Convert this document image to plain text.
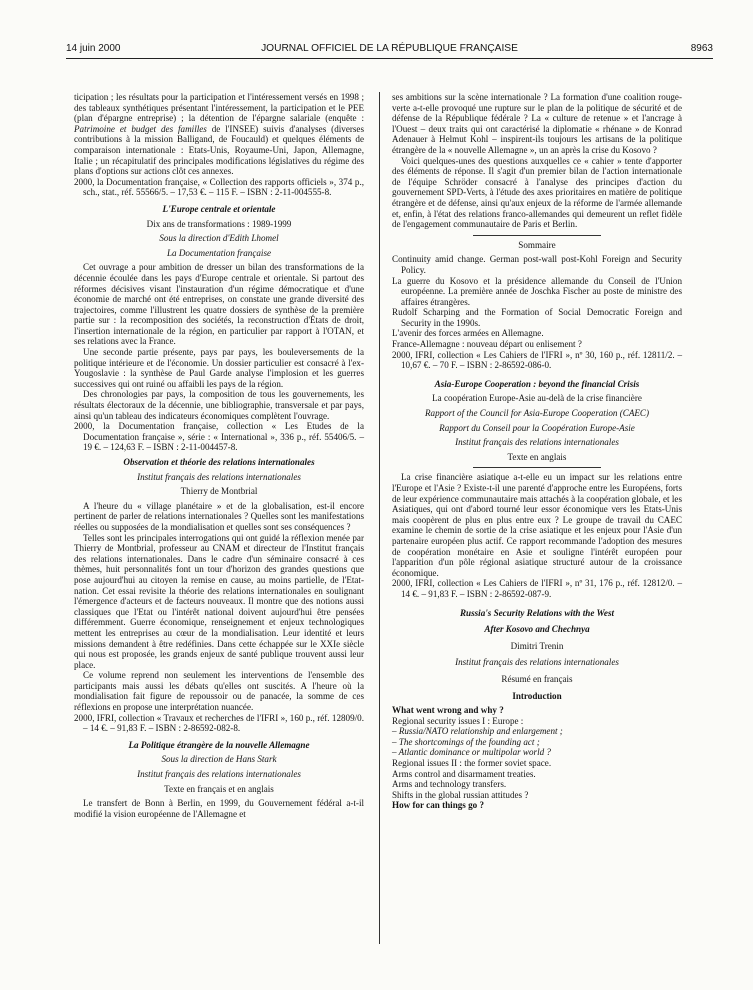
14 juin 2000	JOURNAL OFFICIEL DE LA RÉPUBLIQUE FRANÇAISE	8963

ticipation ; les résultats pour la participation et l'intéressement versés en 1998 ; des tableaux synthétiques présentant l'intéressement, la participation et le PEE (plan d'épargne entreprise) ; la détention de l'épargne salariale (enquête : Patrimoine et budget des familles de l'INSEE) suivis d'analyses (diverses contributions à la mission Balligand, de Foucauld) et quelques éléments de comparaison internationale : Etats-Unis, Royaume-Uni, Japon, Allemagne, Italie ; un récapitulatif des principales modifications législatives du régime des plans d'options sur actions clôt ces annexes.

2000, la Documentation française, « Collection des rapports officiels », 374 p., sch., stat., réf. 55566/5. – 17,53 €. – 115 F. – ISBN : 2-11-004555-8.

L'Europe centrale et orientale

Dix ans de transformations : 1989-1999

Sous la direction d'Edith Lhomel

La Documentation française

Cet ouvrage a pour ambition de dresser un bilan des transformations de la décennie écoulée dans les pays d'Europe centrale et orientale. Si partout des réformes décisives visant l'instauration d'un régime démocratique et d'une économie de marché ont été entreprises, on constate une grande diversité des trajectoires, comme l'illustrent les quatre dossiers de synthèse de la première partie sur : la recomposition des sociétés, la reconstruction d'États de droit, l'insertion internationale de la région, en particulier par rapport à l'OTAN, et ses relations avec la France.

Une seconde partie présente, pays par pays, les bouleversements de la politique intérieure et de l'économie. Un dossier particulier est consacré à l'ex-Yougoslavie : la synthèse de Paul Garde analyse l'implosion et les guerres successives qui ont ruiné ou affaibli les pays de la région.

Des chronologies par pays, la composition de tous les gouvernements, les résultats électoraux de la décennie, une bibliographie, transversale et par pays, ainsi qu'un tableau des indicateurs économiques complètent l'ouvrage.

2000, la Documentation française, collection « Les Etudes de la Documentation française », série : « International », 336 p., réf. 55406/5. – 19 €. – 124,63 F. – ISBN : 2-11-004457-8.

Observation et théorie des relations internationales

Institut français des relations internationales

Thierry de Montbrial

A l'heure du « village planétaire » et de la globalisation, est-il encore pertinent de parler de relations internationales ? Quelles sont les manifestations réelles ou supposées de la mondialisation et quelles sont ses conséquences ?

Telles sont les principales interrogations qui ont guidé la réflexion menée par Thierry de Montbrial, professeur au CNAM et directeur de l'Institut français des relations internationales. Dans le cadre d'un séminaire consacré à ces thèmes, huit personnalités font un tour d'horizon des grandes questions que pose aujourd'hui au citoyen la remise en cause, au moins partielle, de l'Etat-nation. Cet essai revisite la théorie des relations internationales en soulignant l'émergence d'acteurs et de facteurs nouveaux. Il montre que des notions aussi classiques que l'Etat ou l'intérêt national doivent aujourd'hui être pensées différemment. Guerre économique, renseignement et enjeux technologiques mettent les entreprises au cœur de la mondialisation. Leur identité et leurs missions demandent à être redéfinies. Dans cette échappée sur le XXIe siècle qui nous est proposée, les grands enjeux de santé publique trouvent aussi leur place.

Ce volume reprend non seulement les interventions de l'ensemble des participants mais aussi les débats qu'elles ont suscités. A l'heure où la mondialisation fait figure de repoussoir ou de panacée, la somme de ces réflexions en propose une interprétation nuancée.

2000, IFRI, collection « Travaux et recherches de l'IFRI », 160 p., réf. 12809/0. – 14 €. – 91,83 F. – ISBN : 2-86592-082-8.

La Politique étrangère de la nouvelle Allemagne

Sous la direction de Hans Stark

Institut français des relations internationales

Texte en français et en anglais

Le transfert de Bonn à Berlin, en 1999, du Gouvernement fédéral a-t-il modifié la vision européenne de l'Allemagne et

ses ambitions sur la scène internationale ? La formation d'une coalition rouge-verte a-t-elle provoqué une rupture sur le plan de la politique de sécurité et de défense de la République fédérale ? La « culture de retenue » et l'ancrage à l'Ouest – deux traits qui ont caractérisé la diplomatie « rhénane » de Konrad Adenauer à Helmut Kohl – inspirent-ils toujours les artisans de la politique étrangère de la « nouvelle Allemagne », un an après la crise du Kosovo ?

Voici quelques-unes des questions auxquelles ce « cahier » tente d'apporter des éléments de réponse. Il s'agit d'un premier bilan de l'action internationale de l'équipe Schröder consacré à l'analyse des principes d'action du gouvernement SPD-Verts, à l'étude des axes prioritaires en matière de politique étrangère et de défense, ainsi qu'aux enjeux de la réforme de l'armée allemande et, enfin, à l'état des relations franco-allemandes qui demeurent un reflet fidèle de l'engagement communautaire de Paris et Berlin.

Sommaire

Continuity amid change. German post-wall post-Kohl Foreign and Security Policy.

La guerre du Kosovo et la présidence allemande du Conseil de l'Union européenne. La première année de Joschka Fischer au poste de ministre des affaires étrangères.

Rudolf Scharping and the Formation of Social Democratic Foreign and Security in the 1990s.

L'avenir des forces armées en Allemagne.

France-Allemagne : nouveau départ ou enlisement ?

2000, IFRI, collection « Les Cahiers de l'IFRI », nº 30, 160 p., réf. 12811/2. – 10,67 €. – 70 F. – ISBN : 2-86592-086-0.

Asia-Europe Cooperation : beyond the financial Crisis

La coopération Europe-Asie au-delà de la crise financière

Rapport of the Council for Asia-Europe Cooperation (CAEC)

Rapport du Conseil pour la Coopération Europe-Asie

Institut français des relations internationales

Texte en anglais

La crise financière asiatique a-t-elle eu un impact sur les relations entre l'Europe et l'Asie ? Existe-t-il une parenté d'approche entre les Européens, forts de leur expérience communautaire mais attachés à la coopération globale, et les Asiatiques, qui ont d'abord tourné leur essor économique vers les Etats-Unis mais coopèrent de plus en plus entre eux ? Le groupe de travail du CAEC examine le chemin de sortie de la crise asiatique et les enjeux pour l'Asie d'un partenaire européen plus actif. Ce rapport recommande l'adoption des mesures de coopération monétaire en Asie et souligne l'intérêt européen pour l'apparition d'un pôle régional asiatique structuré autour de la croissance économique.

2000, IFRI, collection « Les Cahiers de l'IFRI », nº 31, 176 p., réf. 12812/0. – 14 €. – 91,83 F. – ISBN : 2-86592-087-9.

Russia's Security Relations with the West

After Kosovo and Chechnya

Dimitri Trenin

Institut français des relations internationales

Résumé en français

Introduction

What went wrong and why ?

Regional security issues I : Europe :

– Russia/NATO relationship and enlargement ;

– The shortcomings of the founding act ;

– Atlantic dominance or multipolar world ?

Regional issues II : the former soviet space.

Arms control and disarmament treaties.

Arms and technology transfers.

Shifts in the global russian attitudes ?

How for can things go ?
